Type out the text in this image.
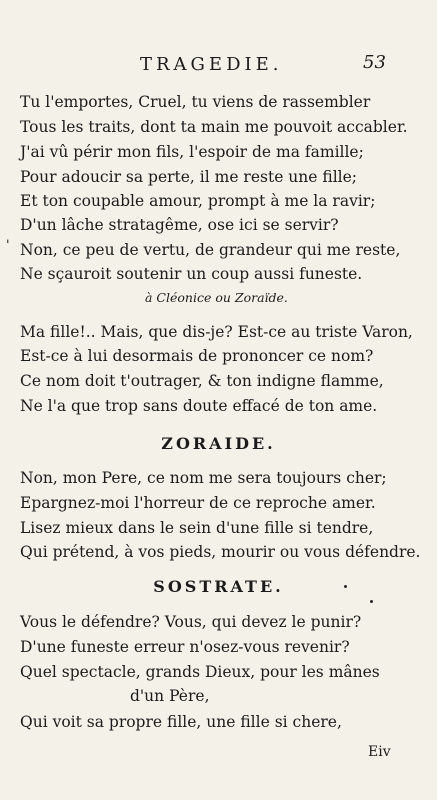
TRAGEDIE.	53
Tu l'emportes, Cruel, tu viens de rassembler
Tous les traits, dont ta main me pouvoit accabler.
J'ai vû périr mon fils, l'espoir de ma famille;
Pour adoucir sa perte, il me reste une fille;
Et ton coupable amour, prompt à me la ravir;
D'un lâche stratagême, ose ici se servir?
' Non, ce peu de vertu, de grandeur qui me reste,
Ne sçauroit soutenir un coup aussi funeste.
à Cléonice ou Zoraïde.
Ma fille!.. Mais, que dis-je? Est-ce au triste Varon,
Est-ce à lui desormais de prononcer ce nom?
Ce nom doit t'outrager, & ton indigne flamme,
Ne l'a que trop sans doute effacé de ton ame.
ZORAIDE.
Non, mon Pere, ce nom me sera toujours cher;
Epargnez-moi l'horreur de ce reproche amer.
Lisez mieux dans le sein d'une fille si tendre,
Qui prétend, à vos pieds, mourir ou vous défendre.
SOSTRATE.
Vous le défendre? Vous, qui devez le punir?
D'une funeste erreur n'osez-vous revenir?
Quel spectacle, grands Dieux, pour les mânes
d'un Père,
Qui voit sa propre fille, une fille si chere,
Eiv
